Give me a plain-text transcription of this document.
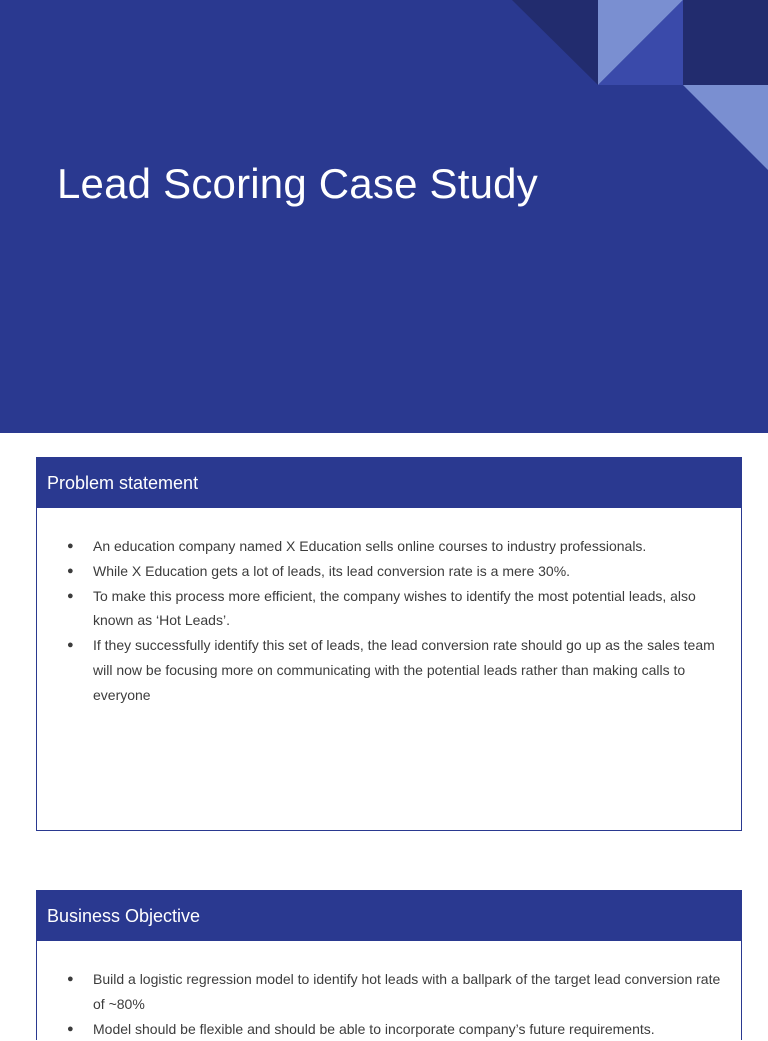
Lead Scoring Case Study
Problem statement
● An education company named X Education sells online courses to industry professionals.
● While X Education gets a lot of leads, its lead conversion rate is a mere 30%.
● To make this process more efficient, the company wishes to identify the most potential leads, also known as ‘Hot Leads’.
● If they successfully identify this set of leads, the lead conversion rate should go up as the sales team will now be focusing more on communicating with the potential leads rather than making calls to everyone
Business Objective
● Build a logistic regression model to identify hot leads with a ballpark of the target lead conversion rate of ~80%
● Model should be flexible and should be able to incorporate company’s future requirements.
